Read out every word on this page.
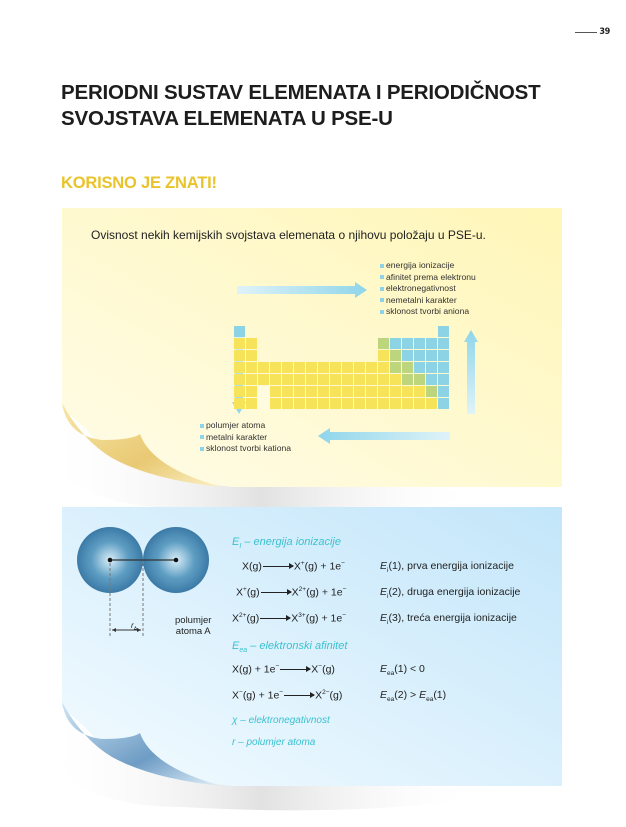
39
PERIODNI SUSTAV ELEMENATA I PERIODIČNOST
SVOJSTAVA ELEMENATA U PSE-U
KORISNO JE ZNATI!

Ovisnost nekih kemijskih svojstava elemenata o njihovu položaju u PSE-u.

energija ionizacije
afinitet prema elektronu
elektronegativnost
nemetalni karakter
sklonost tvorbi aniona
polumjer atoma
metalni karakter
sklonost tvorbi kationa
$r_A$
polumjer
atoma A
$E_I$ – energija ionizacije
X(g)→X+(g) + 1e−	$E_i(1)$, prva energija ionizacije
$X^+(g)\to X^{2+}(g) + 1e^-$	$E_i(2)$, druga energija ionizacije
$X^{2+}(g)\to X^{3+}(g) + 1e^-$	$E_i(3)$, treća energija ionizacije
$E_{ea}$ – elektronski afinitet
X(g) + 1e−→X−(g)	$E_{ea}(1) < 0$
$X^-(g) + 1e^-\to X^{2-}(g)$	$E_{ea}(2) > E_{ea}(1)$
χ – elektronegativnost
r – polumjer atoma
